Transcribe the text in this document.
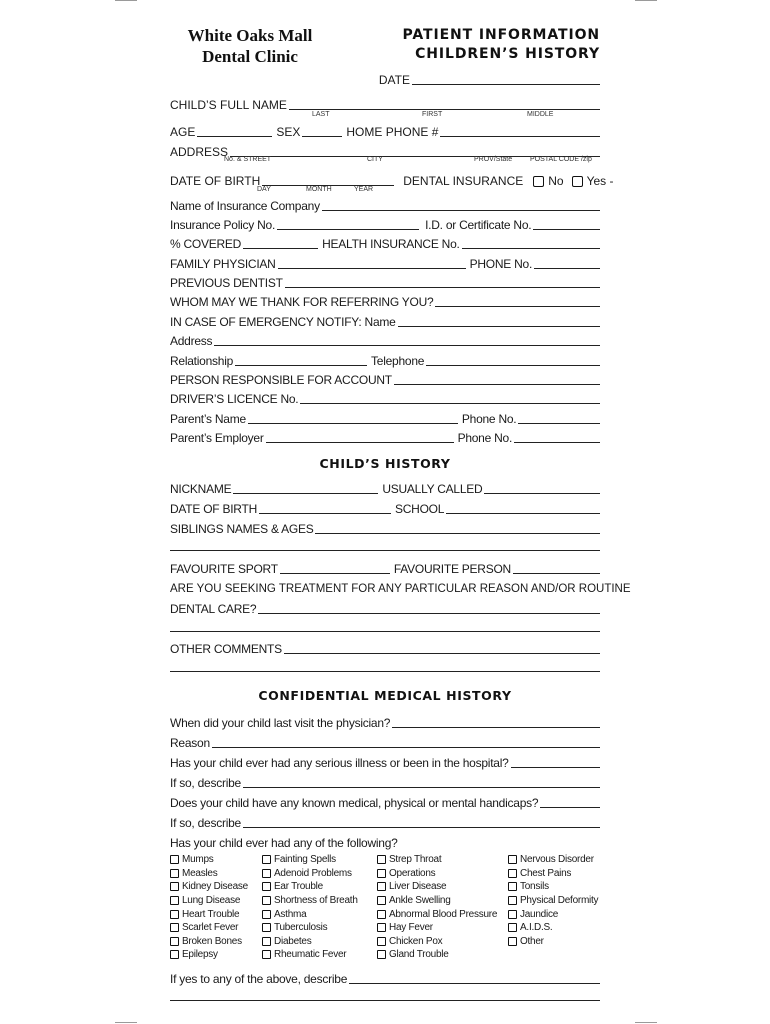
White Oaks Mall
Dental Clinic
PATIENT INFORMATION
CHILDREN’S HISTORY
DATE
CHILD’S FULL NAME
LAST	FIRST	MIDDLE
AGE	SEX	HOME PHONE #
ADDRESS
No. & STREET	CITY	PROV/State	POSTAL CODE /zip
DATE OF BIRTH	DENTAL INSURANCE No Yes -
DAY	MONTH	YEAR
Name of Insurance Company
Insurance Policy No.	I.D. or Certificate No.
% COVERED	HEALTH INSURANCE No.
FAMILY PHYSICIAN	PHONE No.
PREVIOUS DENTIST
WHOM MAY WE THANK FOR REFERRING YOU?
IN CASE OF EMERGENCY NOTIFY: Name
Address
Relationship	Telephone
PERSON RESPONSIBLE FOR ACCOUNT
DRIVER’S LICENCE No.
Parent’s Name	Phone No.
Parent’s Employer	Phone No.
CHILD’S HISTORY
NICKNAME	USUALLY CALLED
DATE OF BIRTH	SCHOOL
SIBLINGS NAMES & AGES
FAVOURITE SPORT	FAVOURITE PERSON
ARE YOU SEEKING TREATMENT FOR ANY PARTICULAR REASON AND/OR ROUTINE
DENTAL CARE?
OTHER COMMENTS
CONFIDENTIAL MEDICAL HISTORY
When did your child last visit the physician?
Reason
Has your child ever had any serious illness or been in the hospital?
If so, describe
Does your child have any known medical, physical or mental handicaps?
If so, describe
Has your child ever had any of the following?
Mumps
Measles
Kidney Disease
Lung Disease
Heart Trouble
Scarlet Fever
Broken Bones
Epilepsy
Fainting Spells
Adenoid Problems
Ear Trouble
Shortness of Breath
Asthma
Tuberculosis
Diabetes
Rheumatic Fever
Strep Throat
Operations
Liver Disease
Ankle Swelling
Abnormal Blood Pressure
Hay Fever
Chicken Pox
Gland Trouble
Nervous Disorder
Chest Pains
Tonsils
Physical Deformity
Jaundice
A.I.D.S.
Other
If yes to any of the above, describe
